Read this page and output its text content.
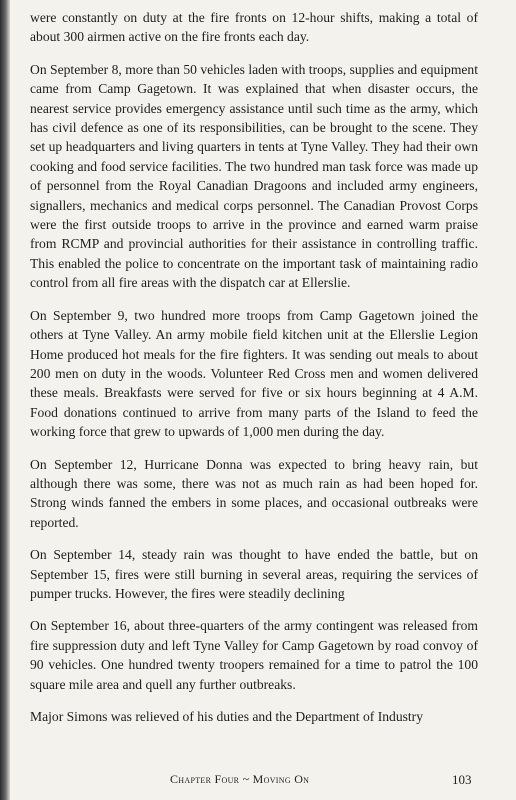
were constantly on duty at the fire fronts on 12-hour shifts, making a total of about 300 airmen active on the fire fronts each day.

On September 8, more than 50 vehicles laden with troops, supplies and equipment came from Camp Gagetown. It was explained that when disaster occurs, the nearest service provides emergency assistance until such time as the army, which has civil defence as one of its responsibilities, can be brought to the scene. They set up headquarters and living quarters in tents at Tyne Valley. They had their own cooking and food service facilities. The two hundred man task force was made up of personnel from the Royal Canadian Dragoons and included army engineers, signallers, mechanics and medical corps personnel. The Canadian Provost Corps were the first outside troops to arrive in the province and earned warm praise from RCMP and provincial authorities for their assistance in controlling traffic. This enabled the police to concentrate on the important task of maintaining radio control from all fire areas with the dispatch car at Ellerslie.

On September 9, two hundred more troops from Camp Gagetown joined the others at Tyne Valley. An army mobile field kitchen unit at the Ellerslie Legion Home produced hot meals for the fire fighters. It was sending out meals to about 200 men on duty in the woods. Volunteer Red Cross men and women delivered these meals. Breakfasts were served for five or six hours beginning at 4 A.M. Food donations continued to arrive from many parts of the Island to feed the working force that grew to upwards of 1,000 men during the day.

On September 12, Hurricane Donna was expected to bring heavy rain, but although there was some, there was not as much rain as had been hoped for. Strong winds fanned the embers in some places, and occasional outbreaks were reported.

On September 14, steady rain was thought to have ended the battle, but on September 15, fires were still burning in several areas, requiring the services of pumper trucks. However, the fires were steadily declining

On September 16, about three-quarters of the army contingent was released from fire suppression duty and left Tyne Valley for Camp Gagetown by road convoy of 90 vehicles. One hundred twenty troopers remained for a time to patrol the 100 square mile area and quell any further outbreaks.

Major Simons was relieved of his duties and the Department of Industry

Chapter Four ~ Moving On	103
